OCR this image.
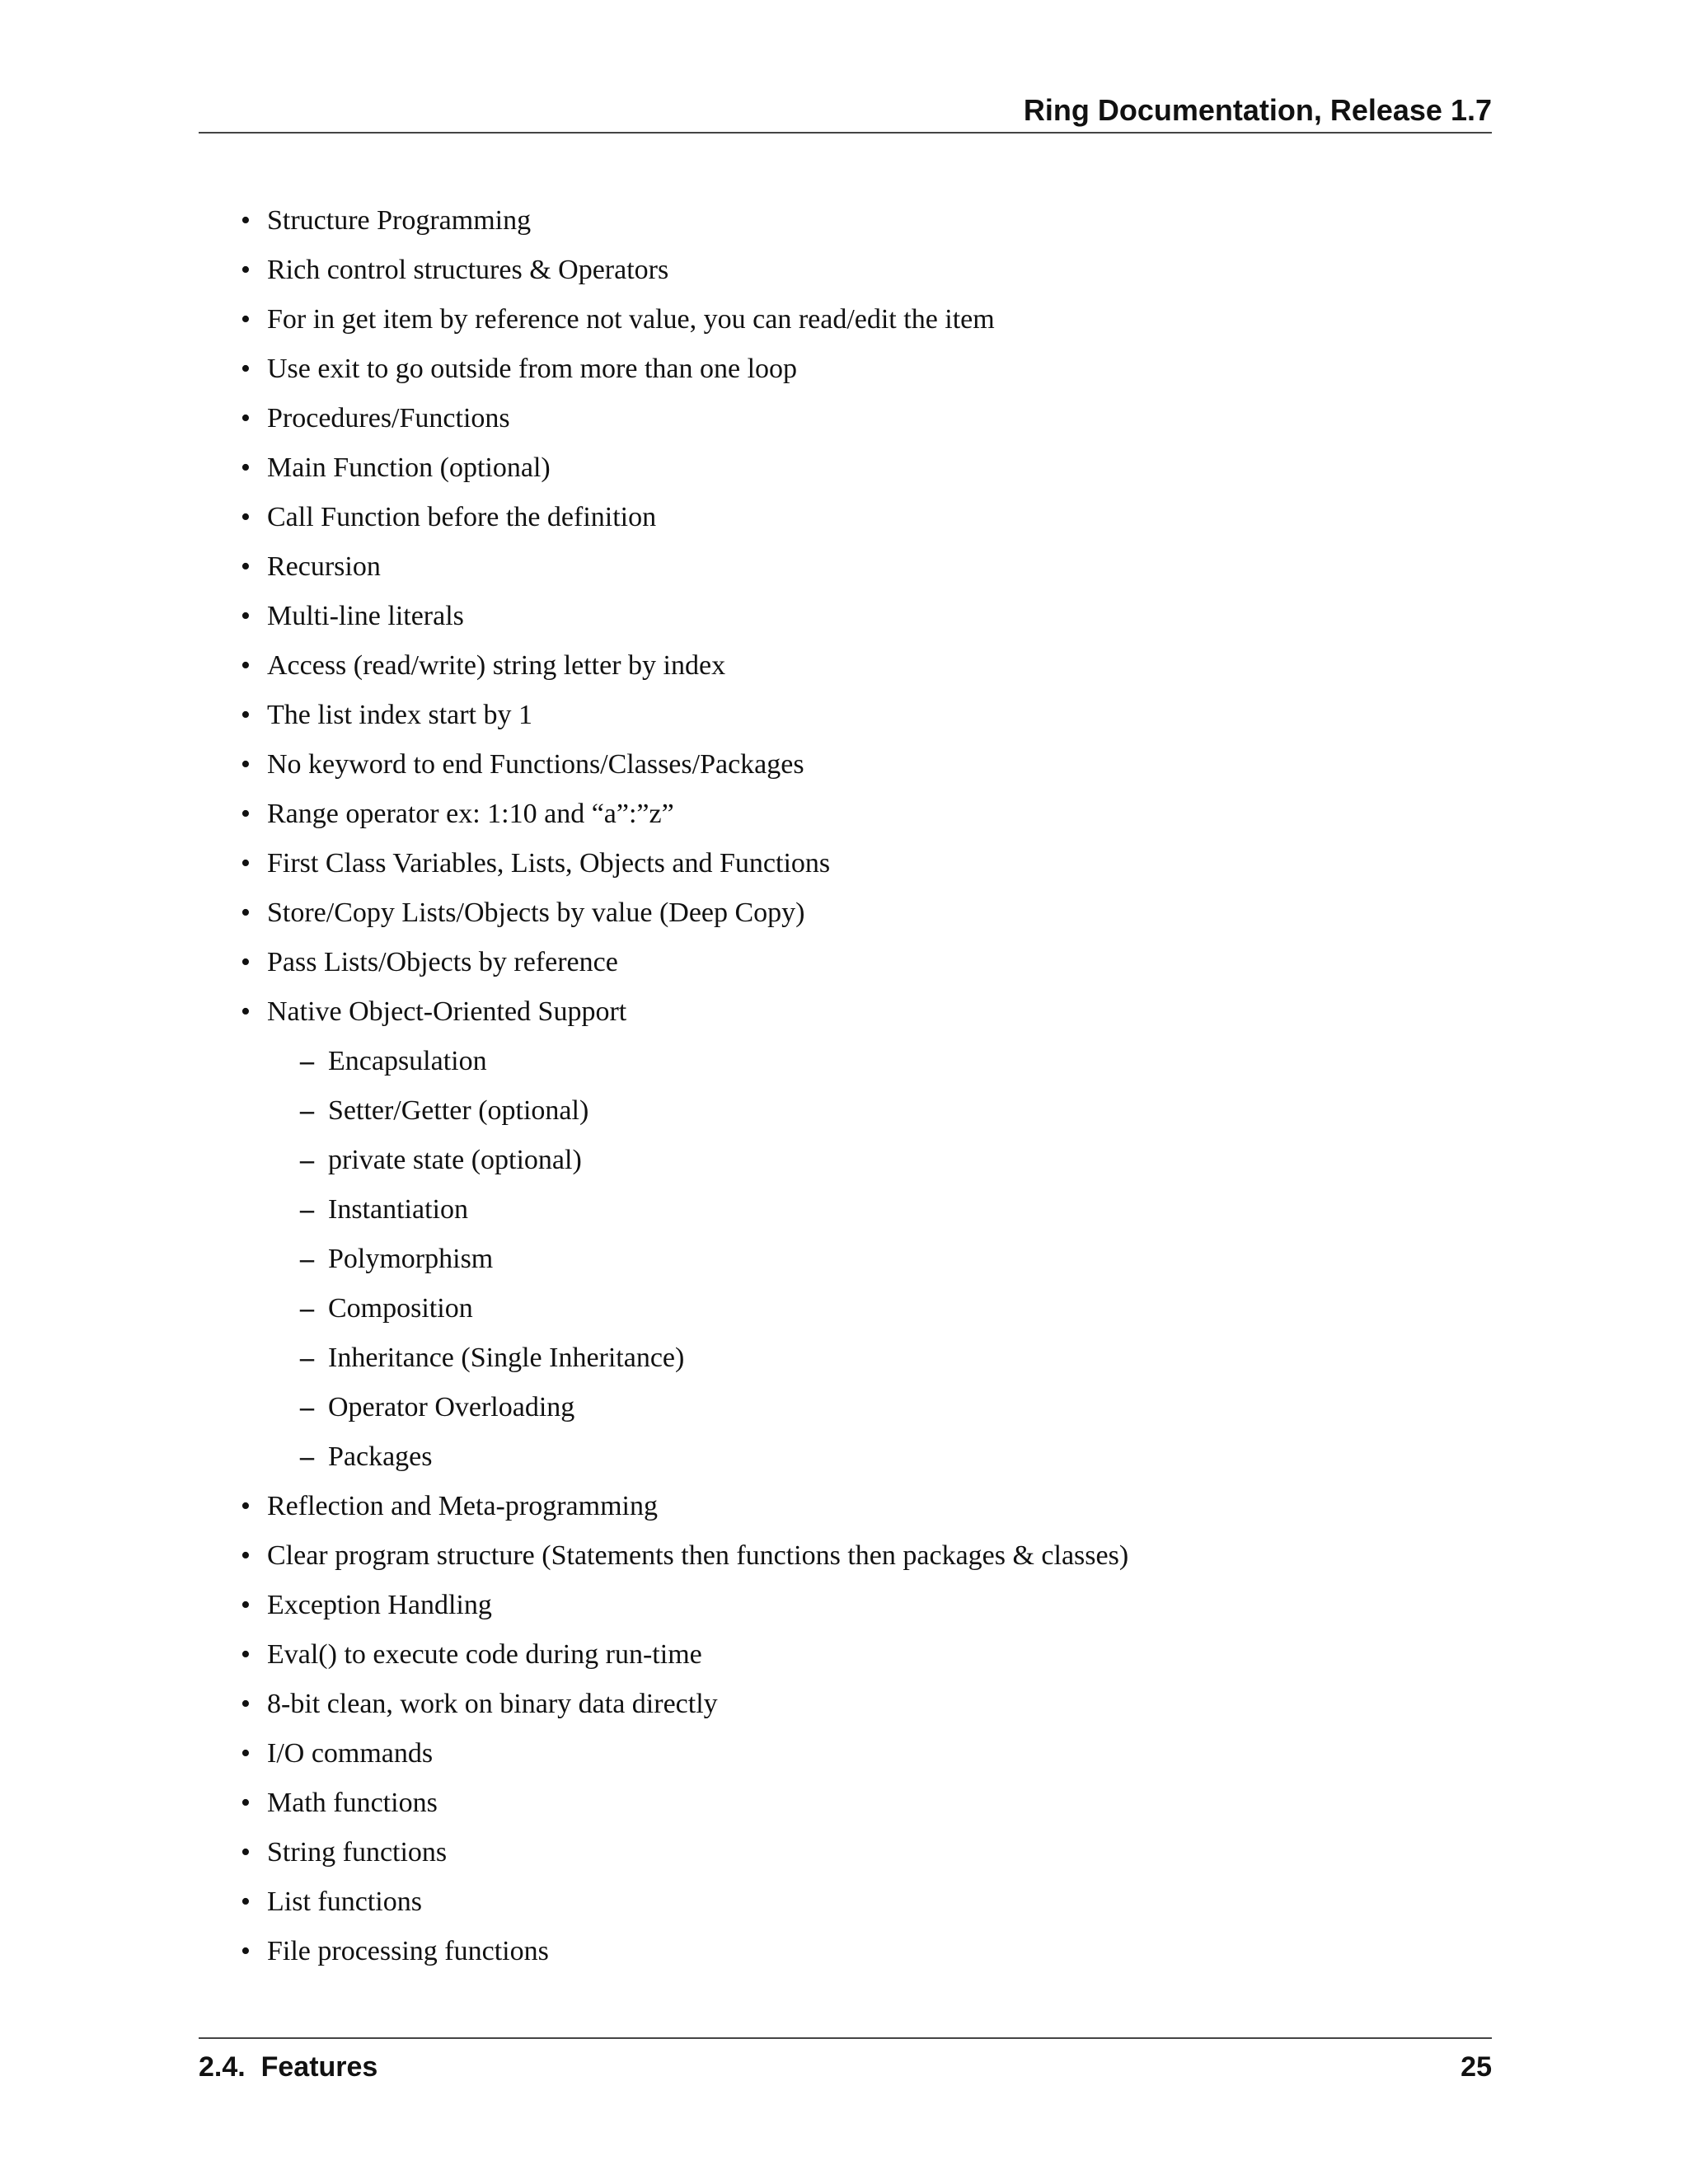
Ring Documentation, Release 1.7
• Structure Programming
• Rich control structures & Operators
• For in get item by reference not value, you can read/edit the item
• Use exit to go outside from more than one loop
• Procedures/Functions
• Main Function (optional)
• Call Function before the definition
• Recursion
• Multi-line literals
• Access (read/write) string letter by index
• The list index start by 1
• No keyword to end Functions/Classes/Packages
• Range operator ex: 1:10 and “a”:”z”
• First Class Variables, Lists, Objects and Functions
• Store/Copy Lists/Objects by value (Deep Copy)
• Pass Lists/Objects by reference
• Native Object-Oriented Support
– Encapsulation
– Setter/Getter (optional)
– private state (optional)
– Instantiation
– Polymorphism
– Composition
– Inheritance (Single Inheritance)
– Operator Overloading
– Packages
• Reflection and Meta-programming
• Clear program structure (Statements then functions then packages & classes)
• Exception Handling
• Eval() to execute code during run-time
• 8-bit clean, work on binary data directly
• I/O commands
• Math functions
• String functions
• List functions
• File processing functions
2.4.  Features	25
